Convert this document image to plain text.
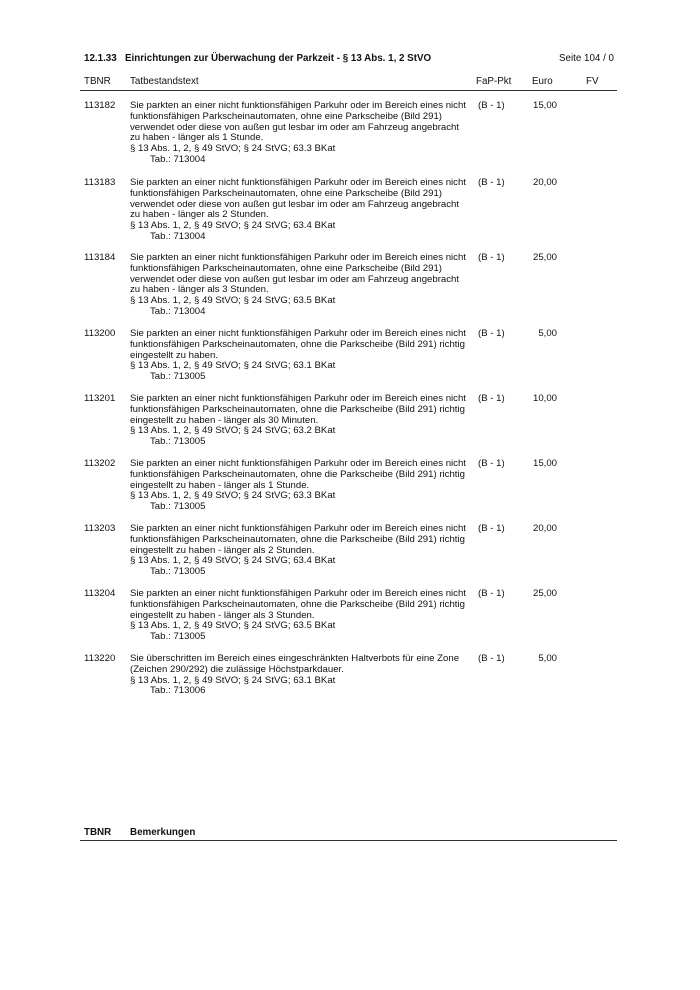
12.1.33 Einrichtungen zur Überwachung der Parkzeit - § 13 Abs. 1, 2 StVO	Seite 104 / 0
TBNR Tatbestandstext	FaP-Pkt Euro	FV
113182 Sie parkten an einer nicht funktionsfähigen Parkuhr oder im Bereich eines nicht
funktionsfähigen Parkscheinautomaten, ohne eine Parkscheibe (Bild 291)
verwendet oder diese von außen gut lesbar im oder am Fahrzeug angebracht
zu haben - länger als 1 Stunde.
§ 13 Abs. 1, 2, § 49 StVO; § 24 StVG; 63.3 BKat
Tab.: 713004
(B - 1)	15,00
113183 Sie parkten an einer nicht funktionsfähigen Parkuhr oder im Bereich eines nicht
funktionsfähigen Parkscheinautomaten, ohne eine Parkscheibe (Bild 291)
verwendet oder diese von außen gut lesbar im oder am Fahrzeug angebracht
zu haben - länger als 2 Stunden.
§ 13 Abs. 1, 2, § 49 StVO; § 24 StVG; 63.4 BKat
Tab.: 713004
(B - 1)	20,00
113184 Sie parkten an einer nicht funktionsfähigen Parkuhr oder im Bereich eines nicht
funktionsfähigen Parkscheinautomaten, ohne eine Parkscheibe (Bild 291)
verwendet oder diese von außen gut lesbar im oder am Fahrzeug angebracht
zu haben - länger als 3 Stunden.
§ 13 Abs. 1, 2, § 49 StVO; § 24 StVG; 63.5 BKat
Tab.: 713004
(B - 1)	25,00
113200 Sie parkten an einer nicht funktionsfähigen Parkuhr oder im Bereich eines nicht
funktionsfähigen Parkscheinautomaten, ohne die Parkscheibe (Bild 291) richtig
eingestellt zu haben.
§ 13 Abs. 1, 2, § 49 StVO; § 24 StVG; 63.1 BKat
Tab.: 713005
(B - 1)	5,00
113201 Sie parkten an einer nicht funktionsfähigen Parkuhr oder im Bereich eines nicht
funktionsfähigen Parkscheinautomaten, ohne die Parkscheibe (Bild 291) richtig
eingestellt zu haben - länger als 30 Minuten.
§ 13 Abs. 1, 2, § 49 StVO; § 24 StVG; 63.2 BKat
Tab.: 713005
(B - 1)	10,00
113202 Sie parkten an einer nicht funktionsfähigen Parkuhr oder im Bereich eines nicht
funktionsfähigen Parkscheinautomaten, ohne die Parkscheibe (Bild 291) richtig
eingestellt zu haben - länger als 1 Stunde.
§ 13 Abs. 1, 2, § 49 StVO; § 24 StVG; 63.3 BKat
Tab.: 713005
(B - 1)	15,00
113203 Sie parkten an einer nicht funktionsfähigen Parkuhr oder im Bereich eines nicht
funktionsfähigen Parkscheinautomaten, ohne die Parkscheibe (Bild 291) richtig
eingestellt zu haben - länger als 2 Stunden.
§ 13 Abs. 1, 2, § 49 StVO; § 24 StVG; 63.4 BKat
Tab.: 713005
(B - 1)	20,00
113204 Sie parkten an einer nicht funktionsfähigen Parkuhr oder im Bereich eines nicht
funktionsfähigen Parkscheinautomaten, ohne die Parkscheibe (Bild 291) richtig
eingestellt zu haben - länger als 3 Stunden.
§ 13 Abs. 1, 2, § 49 StVO; § 24 StVG; 63.5 BKat
Tab.: 713005
(B - 1)	25,00
113220 Sie überschritten im Bereich eines eingeschränkten Haltverbots für eine Zone
(Zeichen 290/292) die zulässige Höchstparkdauer.
§ 13 Abs. 1, 2, § 49 StVO; § 24 StVG; 63.1 BKat
Tab.: 713006
(B - 1)	5,00
TBNR Bemerkungen
